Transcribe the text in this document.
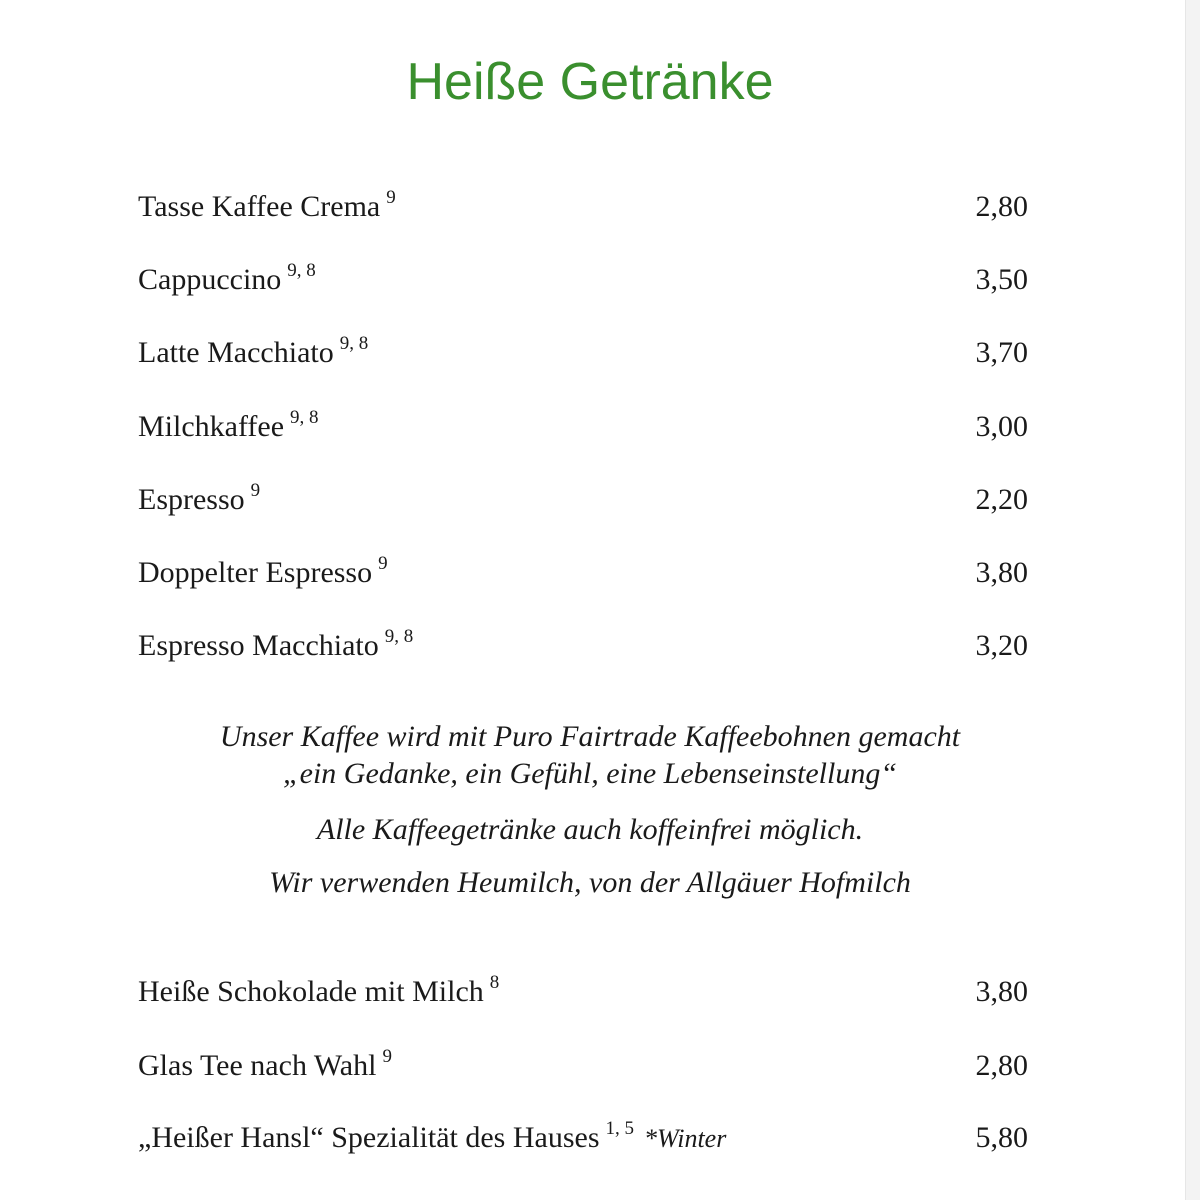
Heiße Getränke
Tasse Kaffee Crema $^9$	2,80
Cappuccino $^{9, 8}$	3,50
Latte Macchiato $^{9, 8}$	3,70
Milchkaffee $^{9, 8}$	3,00
Espresso $^9$	2,20
Doppelter Espresso $^9$	3,80
Espresso Macchiato $^{9, 8}$	3,20
Unser Kaffee wird mit Puro Fairtrade Kaffeebohnen gemacht
„ein Gedanke, ein Gefühl, eine Lebenseinstellung“
Alle Kaffeegetränke auch koffeinfrei möglich.
Wir verwenden Heumilch, von der Allgäuer Hofmilch
Heiße Schokolade mit Milch $^8$	3,80
Glas Tee nach Wahl $^9$	2,80
„Heißer Hansl“ Spezialität des Hauses $^{1, 5}$ *Winter	5,80
